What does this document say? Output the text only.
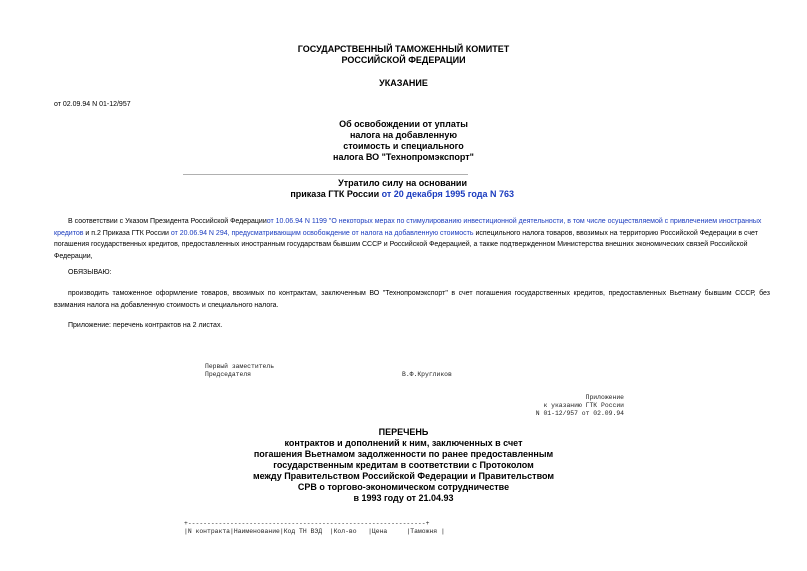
ГОСУДАРСТВЕННЫЙ ТАМОЖЕННЫЙ КОМИТЕТ
РОССИЙСКОЙ ФЕДЕРАЦИИ
УКАЗАНИЕ
от 02.09.94 N 01-12/957
Об освобождении от уплаты
налога на добавленную
стоимость и специального
налога ВО "Технопромэкспорт"
Утратило силу на основании
приказа ГТК России от 20 декабря 1995 года N 763
В соответствии с Указом Президента Российской Федерацииот 10.06.94 N 1199 "О некоторых мерах по стимулированию инвестиционной деятельности, в том числе осуществляемой с привлечением иностранных кредитов и п.2 Приказа ГТК России от 20.06.94 N 294, предусматривающим освобождение от налога на добавленную стоимость испецильного налога товаров, ввозимых на территорию Российской Федерации в счет погашения государственных кредитов, предоставленных иностранным государствам бывшим СССР и Российской Федерацией, а также подтвержденном Министерства внешних экономических связей Российской Федерации,
ОБЯЗЫВАЮ:
производить таможенное оформление товаров, ввозимых по контрактам, заключенным ВО "Технопромэкспорт" в счет погашения государственных кредитов, предоставленных Вьетнаму бывшим СССР, без взимания налога на добавленную стоимость и специального налога.
Приложение: перечень контрактов на 2 листах.
Первый заместитель
Председателя	В.Ф.Кругликов
Приложение
к указанию ГТК России
N 01-12/957 от 02.09.94
ПЕРЕЧЕНЬ
контрактов и дополнений к ним, заключенных в счет
погашения Вьетнамом задолженности по ранее предоставленным
государственным кредитам в соответствии с Протоколом
между Правительством Российской Федерации и Правительством
СРВ о торгово-экономическом сотрудничестве
в 1993 году от 21.04.93
+--------------------------------------------------------------+
|N контракта|Наименование|Код ТН ВЭД  |Кол-во   |Цена     |Таможня |
